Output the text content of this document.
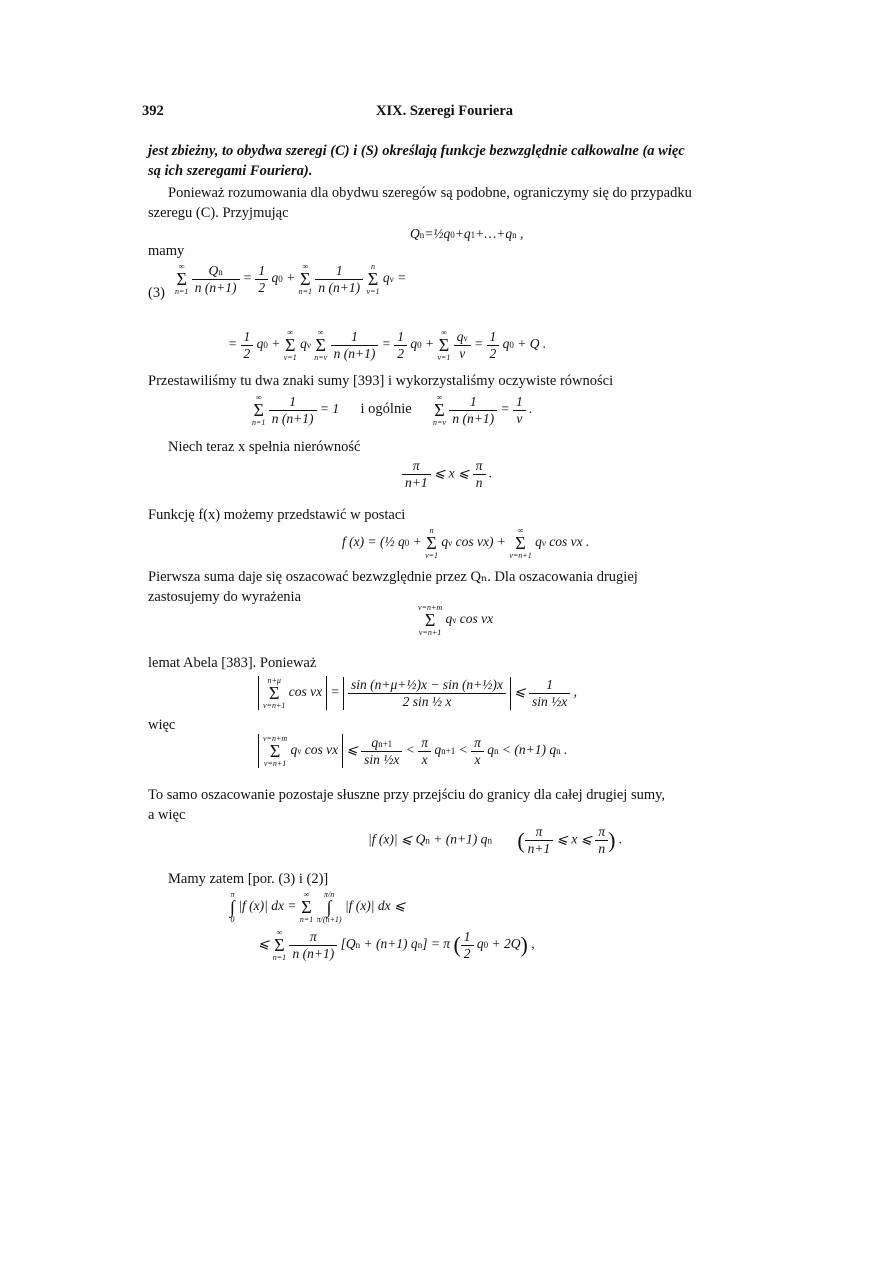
392	XIX. Szeregi Fouriera
jest zbieżny, to obydwa szeregi (C) i (S) określają funkcje bezwzględnie całkowalne (a więc
są ich szeregami Fouriera).
Ponieważ rozumowania dla obydwu szeregów są podobne, ograniczymy się do przypadku
szeregu (C). Przyjmując
Qn=½q0+q1+…+qn ,
mamy
(3)
∞
Σ
n=1
$\frac{Qn}{n (n+1)} = \frac{1}{2} q0$ +
∞
Σ
n=1
$\frac{1}{n (n+1)}$
n
Σ
ν=1
qν =
= $\frac{1}{2} q0$ +
∞
Σ
ν=1
qν
∞
Σ
n=ν
$\frac{1}{n (n+1)} = \frac{1}{2} q0$ +
∞
Σ
ν=1
$\frac{q\nu}{\nu} = \frac{1}{2} q0 + Q$ .
Przestawiliśmy tu dwa znaki sumy [393] i wykorzystaliśmy oczywiste równości
∞
Σ
n=1
$\frac{1}{n (n+1)} = 1$ i ogólnie
∞
Σ
n=ν
$\frac{1}{n (n+1)} = \frac{1}{\nu}$ .
Niech teraz x spełnia nierówność
$\frac{\pi}{n+1}$ ⩽ x ⩽ $\frac{\pi}{n}$ .
Funkcję f(x) możemy przedstawić w postaci
f (x) = (½ q0 +
n
Σ
ν=1
qν cos νx) +
∞
Σ
ν=n+1
qν cos νx .
Pierwsza suma daje się oszacować bezwzględnie przez Qₙ. Dla oszacowania drugiej
zastosujemy do wyrażenia
ν=n+m
Σ
ν=n+1
qν cos νx
lemat Abela [383]. Ponieważ
n+μ
Σ
ν=n+1
$\cos \nu x = \frac{\text{sin (n+μ+½)x − sin (n+½)x}}{\text{2 sin ½ x}}$ ⩽ $\frac{1}{\text{sin ½x}}$ ,
więc
ν=n+m
Σ
ν=n+1
qν cos νx ⩽ $\frac{qn+1}{\text{sin ½x}} < \frac{\pi}{x} qn+1 < \frac{\pi}{x}$ qn < (n+1) qn .
To samo oszacowanie pozostaje słuszne przy przejściu do granicy dla całej drugiej sumy,
a więc
|f (x)| ⩽ Qn + (n+1) qn ( $\frac{\pi}{n+1}$ ⩽ x ⩽ $\frac{\pi}{n}$ ) .
Mamy zatem [por. (3) i (2)]
π
∫
0
|f (x)| dx =
∞
Σ
n=1

π/n
∫
π/(n+1)
|f (x)| dx ⩽
⩽
∞
Σ
n=1
$\frac{\pi}{n (n+1)} [Qn + (n+1) qn] = \pi$ ( $\frac{1}{2} q0 + 2Q$) ,
